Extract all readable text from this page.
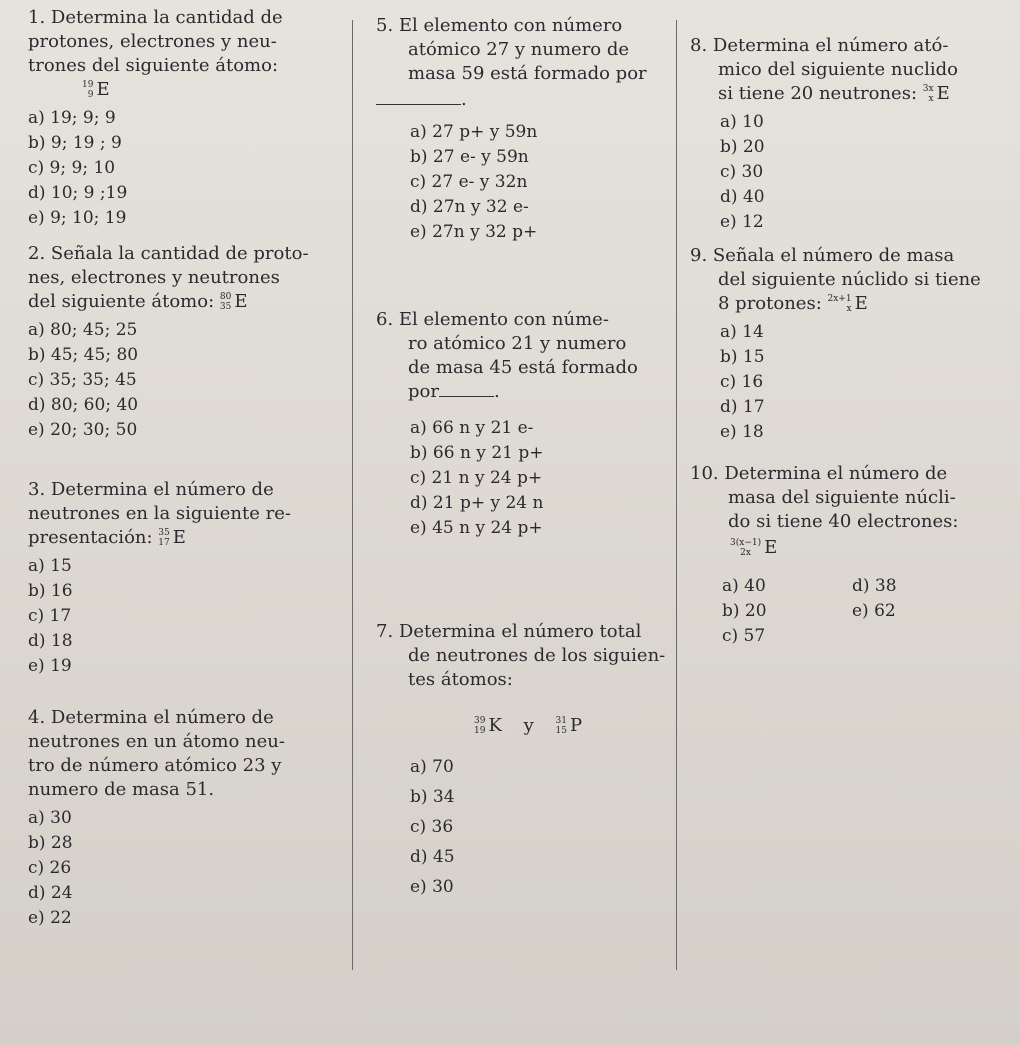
1. Determina la cantidad de
protones, electrones y neu-
trones del siguiente átomo:
19
9 E
a) 19; 9; 9
b) 9; 19 ; 9
c) 9; 9; 10
d) 10; 9 ;19
e) 9; 10; 19
2. Señala la cantidad de proto-
nes, electrones y neutrones
del siguiente átomo: 80
35 E
a) 80; 45; 25
b) 45; 45; 80
c) 35; 35; 45
d) 80; 60; 40
e) 20; 30; 50
3. Determina el número de
neutrones en la siguiente re-
presentación: 35
17 E
a) 15
b) 16
c) 17
d) 18
e) 19
4. Determina el número de
neutrones en un átomo neu-
tro de número atómico 23 y
numero de masa 51.
a) 30
b) 28
c) 26
d) 24
e) 22
5. El elemento con número
atómico 27 y numero de
masa 59 está formado por
.
a) 27 p+ y 59n
b) 27 e- y 59n
c) 27 e- y 32n
d) 27n y 32 e-
e) 27n y 32 p+
6. El elemento con núme-
ro atómico 21 y numero
de masa 45 está formado
por	.
a) 66 n y 21 e-
b) 66 n y 21 p+
c) 21 n y 24 p+
d) 21 p+ y 24 n
e) 45 n y 24 p+
7. Determina el número total
de neutrones de los siguien-
tes átomos:
39
19 K y 31
15 P
a) 70
b) 34
c) 36
d) 45
e) 30
8. Determina el número ató-
mico del siguiente nuclido
si tiene 20 neutrones: 3x
x E
a) 10
b) 20
c) 30
d) 40
e) 12
9. Señala el número de masa
del siguiente núclido si tiene
8 protones: 2x+1
x E
a) 14
b) 15
c) 16
d) 17
e) 18
10. Determina el número de
masa del siguiente núcli-
do si tiene 40 electrones:
3(x−1)
2x E
a) 40	d) 38
b) 20	e) 62
c) 57
